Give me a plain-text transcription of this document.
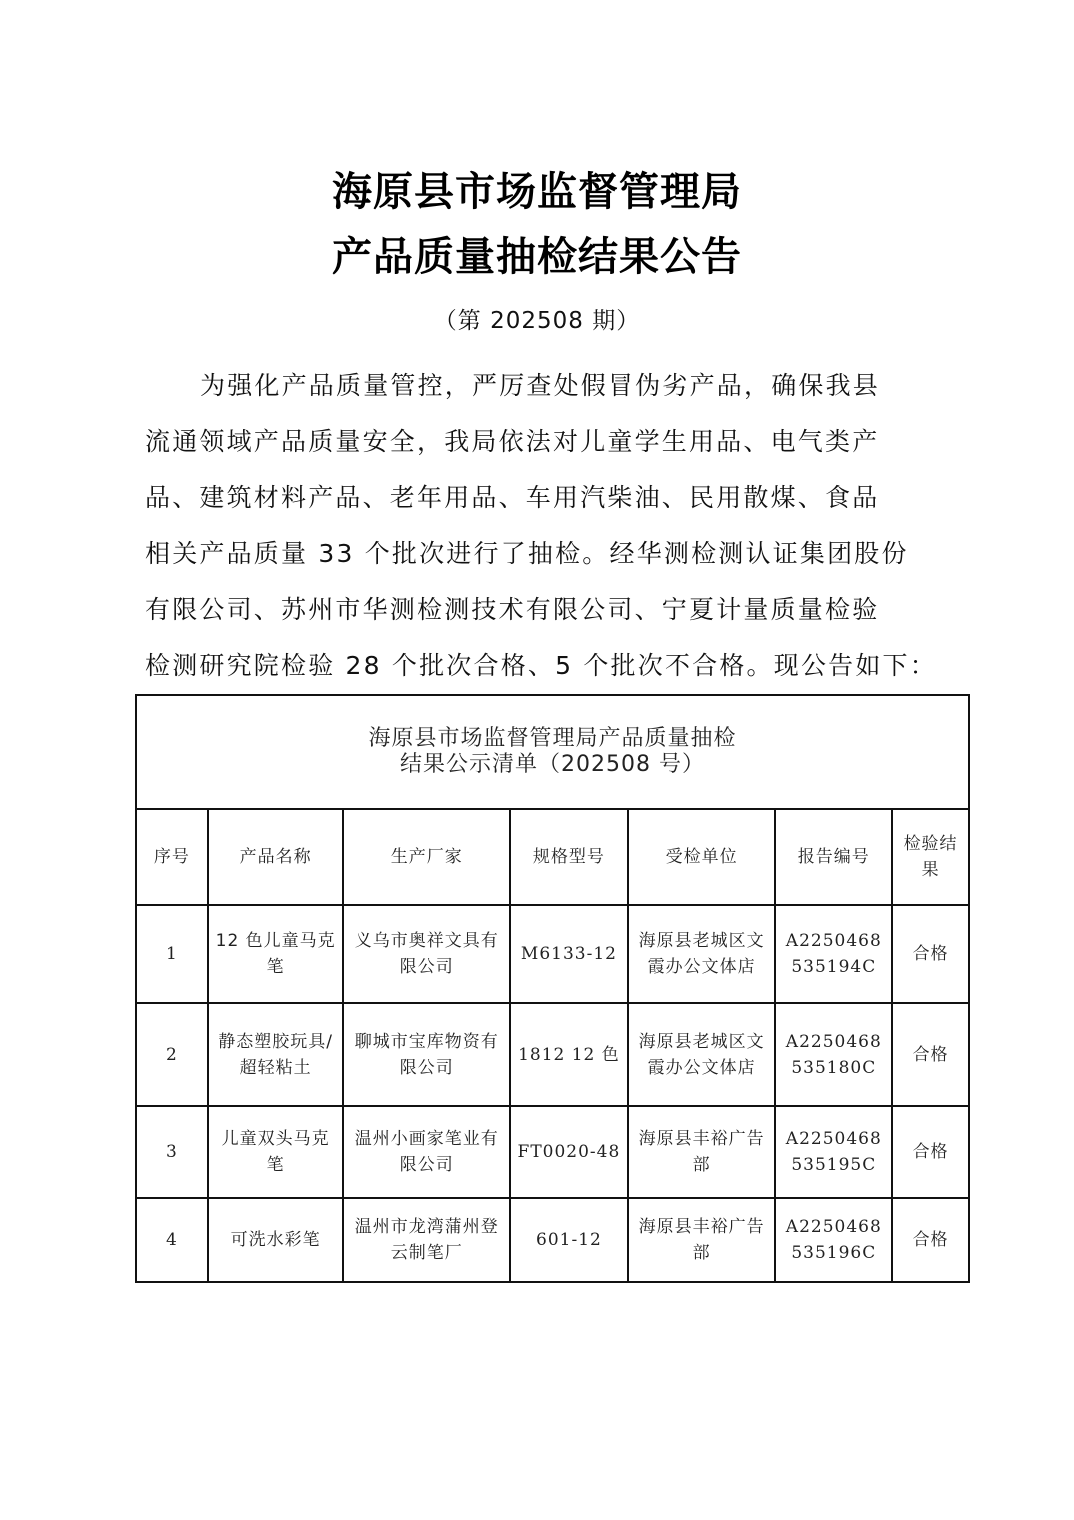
海原县市场监督管理局
产品质量抽检结果公告
（第 202508 期）
为强化产品质量管控，严厉查处假冒伪劣产品，确保我县
流通领域产品质量安全，我局依法对儿童学生用品、电气类产
品、建筑材料产品、老年用品、车用汽柴油、民用散煤、食品
相关产品质量 33 个批次进行了抽检。经华测检测认证集团股份
有限公司、苏州市华测检测技术有限公司、宁夏计量质量检验
检测研究院检验 28 个批次合格、5 个批次不合格。现公告如下：
海原县市场监督管理局产品质量抽检
结果公示清单（202508 号）						

序号	产品名称	生产厂家	规格型号	受检单位	报告编号	检验结果
1	12 色儿童马克笔	义乌市奥祥文具有限公司	M6133-12	海原县老城区文霞办公文体店	A2250468535194C	合格
2	静态塑胶玩具/超轻粘土	聊城市宝库物资有限公司	1812 12 色	海原县老城区文霞办公文体店	A2250468535180C	合格
3	儿童双头马克笔	温州小画家笔业有限公司	FT0020-48	海原县丰裕广告部	A2250468535195C	合格
4	可洗水彩笔	温州市龙湾蒲州登云制笔厂	601-12	海原县丰裕广告部	A2250468535196C	合格
